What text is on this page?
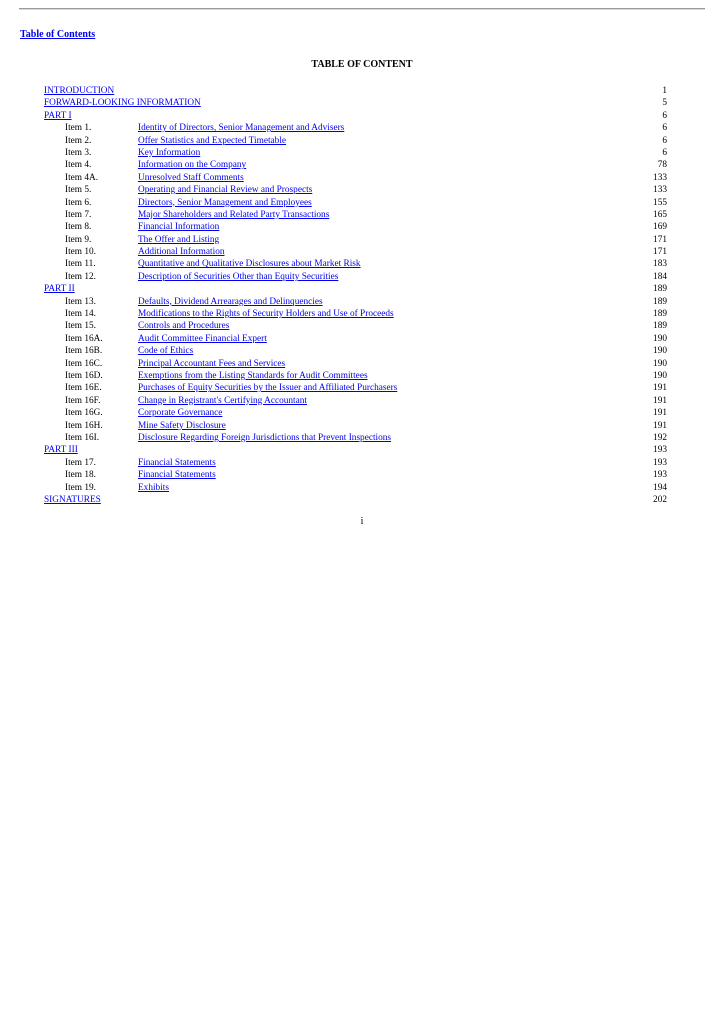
Table of Contents
TABLE OF CONTENT
INTRODUCTION	1
FORWARD-LOOKING INFORMATION	5
PART I	6
Item 1.	Identity of Directors, Senior Management and Advisers	6
Item 2.	Offer Statistics and Expected Timetable	6
Item 3.	Key Information	6
Item 4.	Information on the Company	78
Item 4A.	Unresolved Staff Comments	133
Item 5.	Operating and Financial Review and Prospects	133
Item 6.	Directors, Senior Management and Employees	155
Item 7.	Major Shareholders and Related Party Transactions	165
Item 8.	Financial Information	169
Item 9.	The Offer and Listing	171
Item 10.	Additional Information	171
Item 11.	Quantitative and Qualitative Disclosures about Market Risk	183
Item 12.	Description of Securities Other than Equity Securities	184
PART II	189
Item 13.	Defaults, Dividend Arrearages and Delinquencies	189
Item 14.	Modifications to the Rights of Security Holders and Use of Proceeds	189
Item 15.	Controls and Procedures	189
Item 16A.	Audit Committee Financial Expert	190
Item 16B.	Code of Ethics	190
Item 16C.	Principal Accountant Fees and Services	190
Item 16D.	Exemptions from the Listing Standards for Audit Committees	190
Item 16E.	Purchases of Equity Securities by the Issuer and Affiliated Purchasers	191
Item 16F.	Change in Registrant's Certifying Accountant	191
Item 16G.	Corporate Governance	191
Item 16H.	Mine Safety Disclosure	191
Item 16I.	Disclosure Regarding Foreign Jurisdictions that Prevent Inspections	192
PART III	193
Item 17.	Financial Statements	193
Item 18.	Financial Statements	193
Item 19.	Exhibits	194
SIGNATURES	202
i
